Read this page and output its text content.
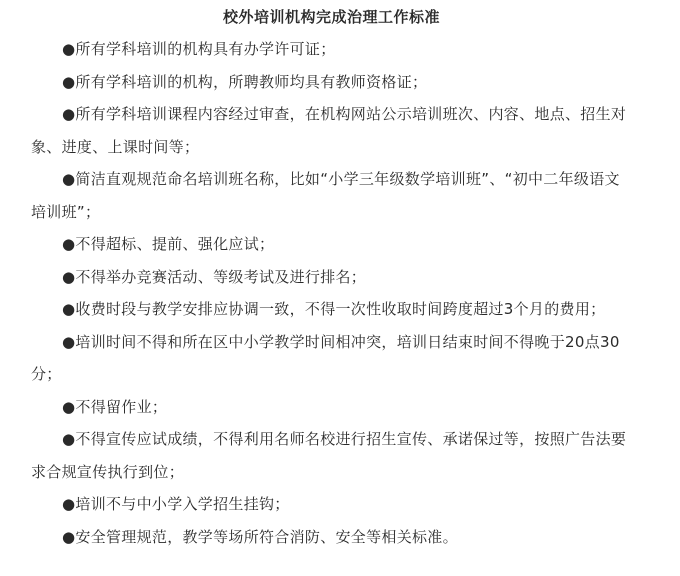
校外培训机构完成治理工作标准

●所有学科培训的机构具有办学许可证；

●所有学科培训的机构，所聘教师均具有教师资格证；

●所有学科培训课程内容经过审查，在机构网站公示培训班次、内容、地点、招生对象、进度、上课时间等；

●简洁直观规范命名培训班名称，比如“小学三年级数学培训班”、“初中二年级语文培训班”；

●不得超标、提前、强化应试；

●不得举办竞赛活动、等级考试及进行排名；

●收费时段与教学安排应协调一致，不得一次性收取时间跨度超过3个月的费用；

●培训时间不得和所在区中小学教学时间相冲突，培训日结束时间不得晚于20点30分；

●不得留作业；

●不得宣传应试成绩，不得利用名师名校进行招生宣传、承诺保过等，按照广告法要求合规宣传执行到位；

●培训不与中小学入学招生挂钩；

●安全管理规范，教学等场所符合消防、安全等相关标准。
